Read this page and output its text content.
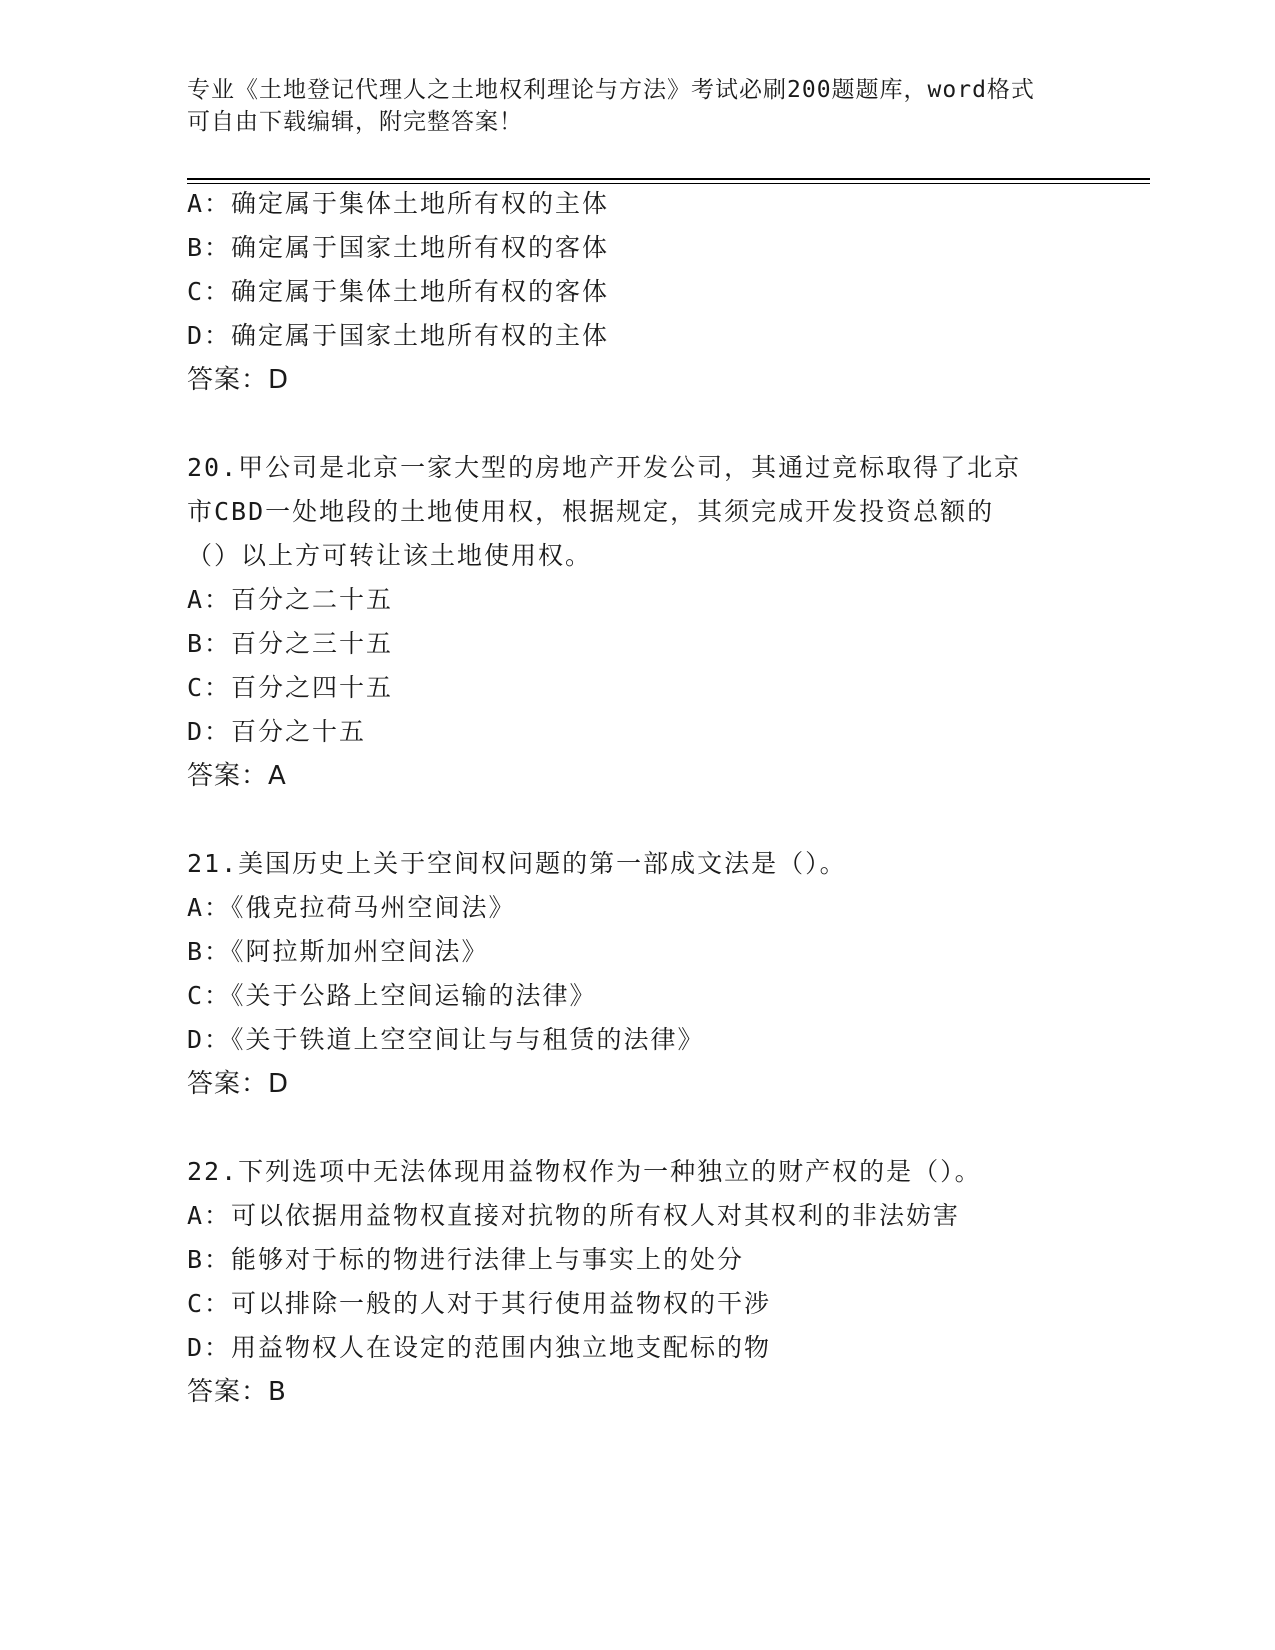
专业《土地登记代理人之土地权利理论与方法》考试必刷200题题库，word格式
可自由下载编辑，附完整答案！
A：确定属于集体土地所有权的主体
B：确定属于国家土地所有权的客体
C：确定属于集体土地所有权的客体
D：确定属于国家土地所有权的主体
答案：D
20.甲公司是北京一家大型的房地产开发公司，其通过竞标取得了北京
市CBD一处地段的土地使用权，根据规定，其须完成开发投资总额的
（）以上方可转让该土地使用权。
A：百分之二十五
B：百分之三十五
C：百分之四十五
D：百分之十五
答案：A
21.美国历史上关于空间权问题的第一部成文法是（）。
A：《俄克拉荷马州空间法》
B：《阿拉斯加州空间法》
C：《关于公路上空间运输的法律》
D：《关于铁道上空空间让与与租赁的法律》
答案：D
22.下列选项中无法体现用益物权作为一种独立的财产权的是（）。
A：可以依据用益物权直接对抗物的所有权人对其权利的非法妨害
B：能够对于标的物进行法律上与事实上的处分
C：可以排除一般的人对于其行使用益物权的干涉
D：用益物权人在设定的范围内独立地支配标的物
答案：B
